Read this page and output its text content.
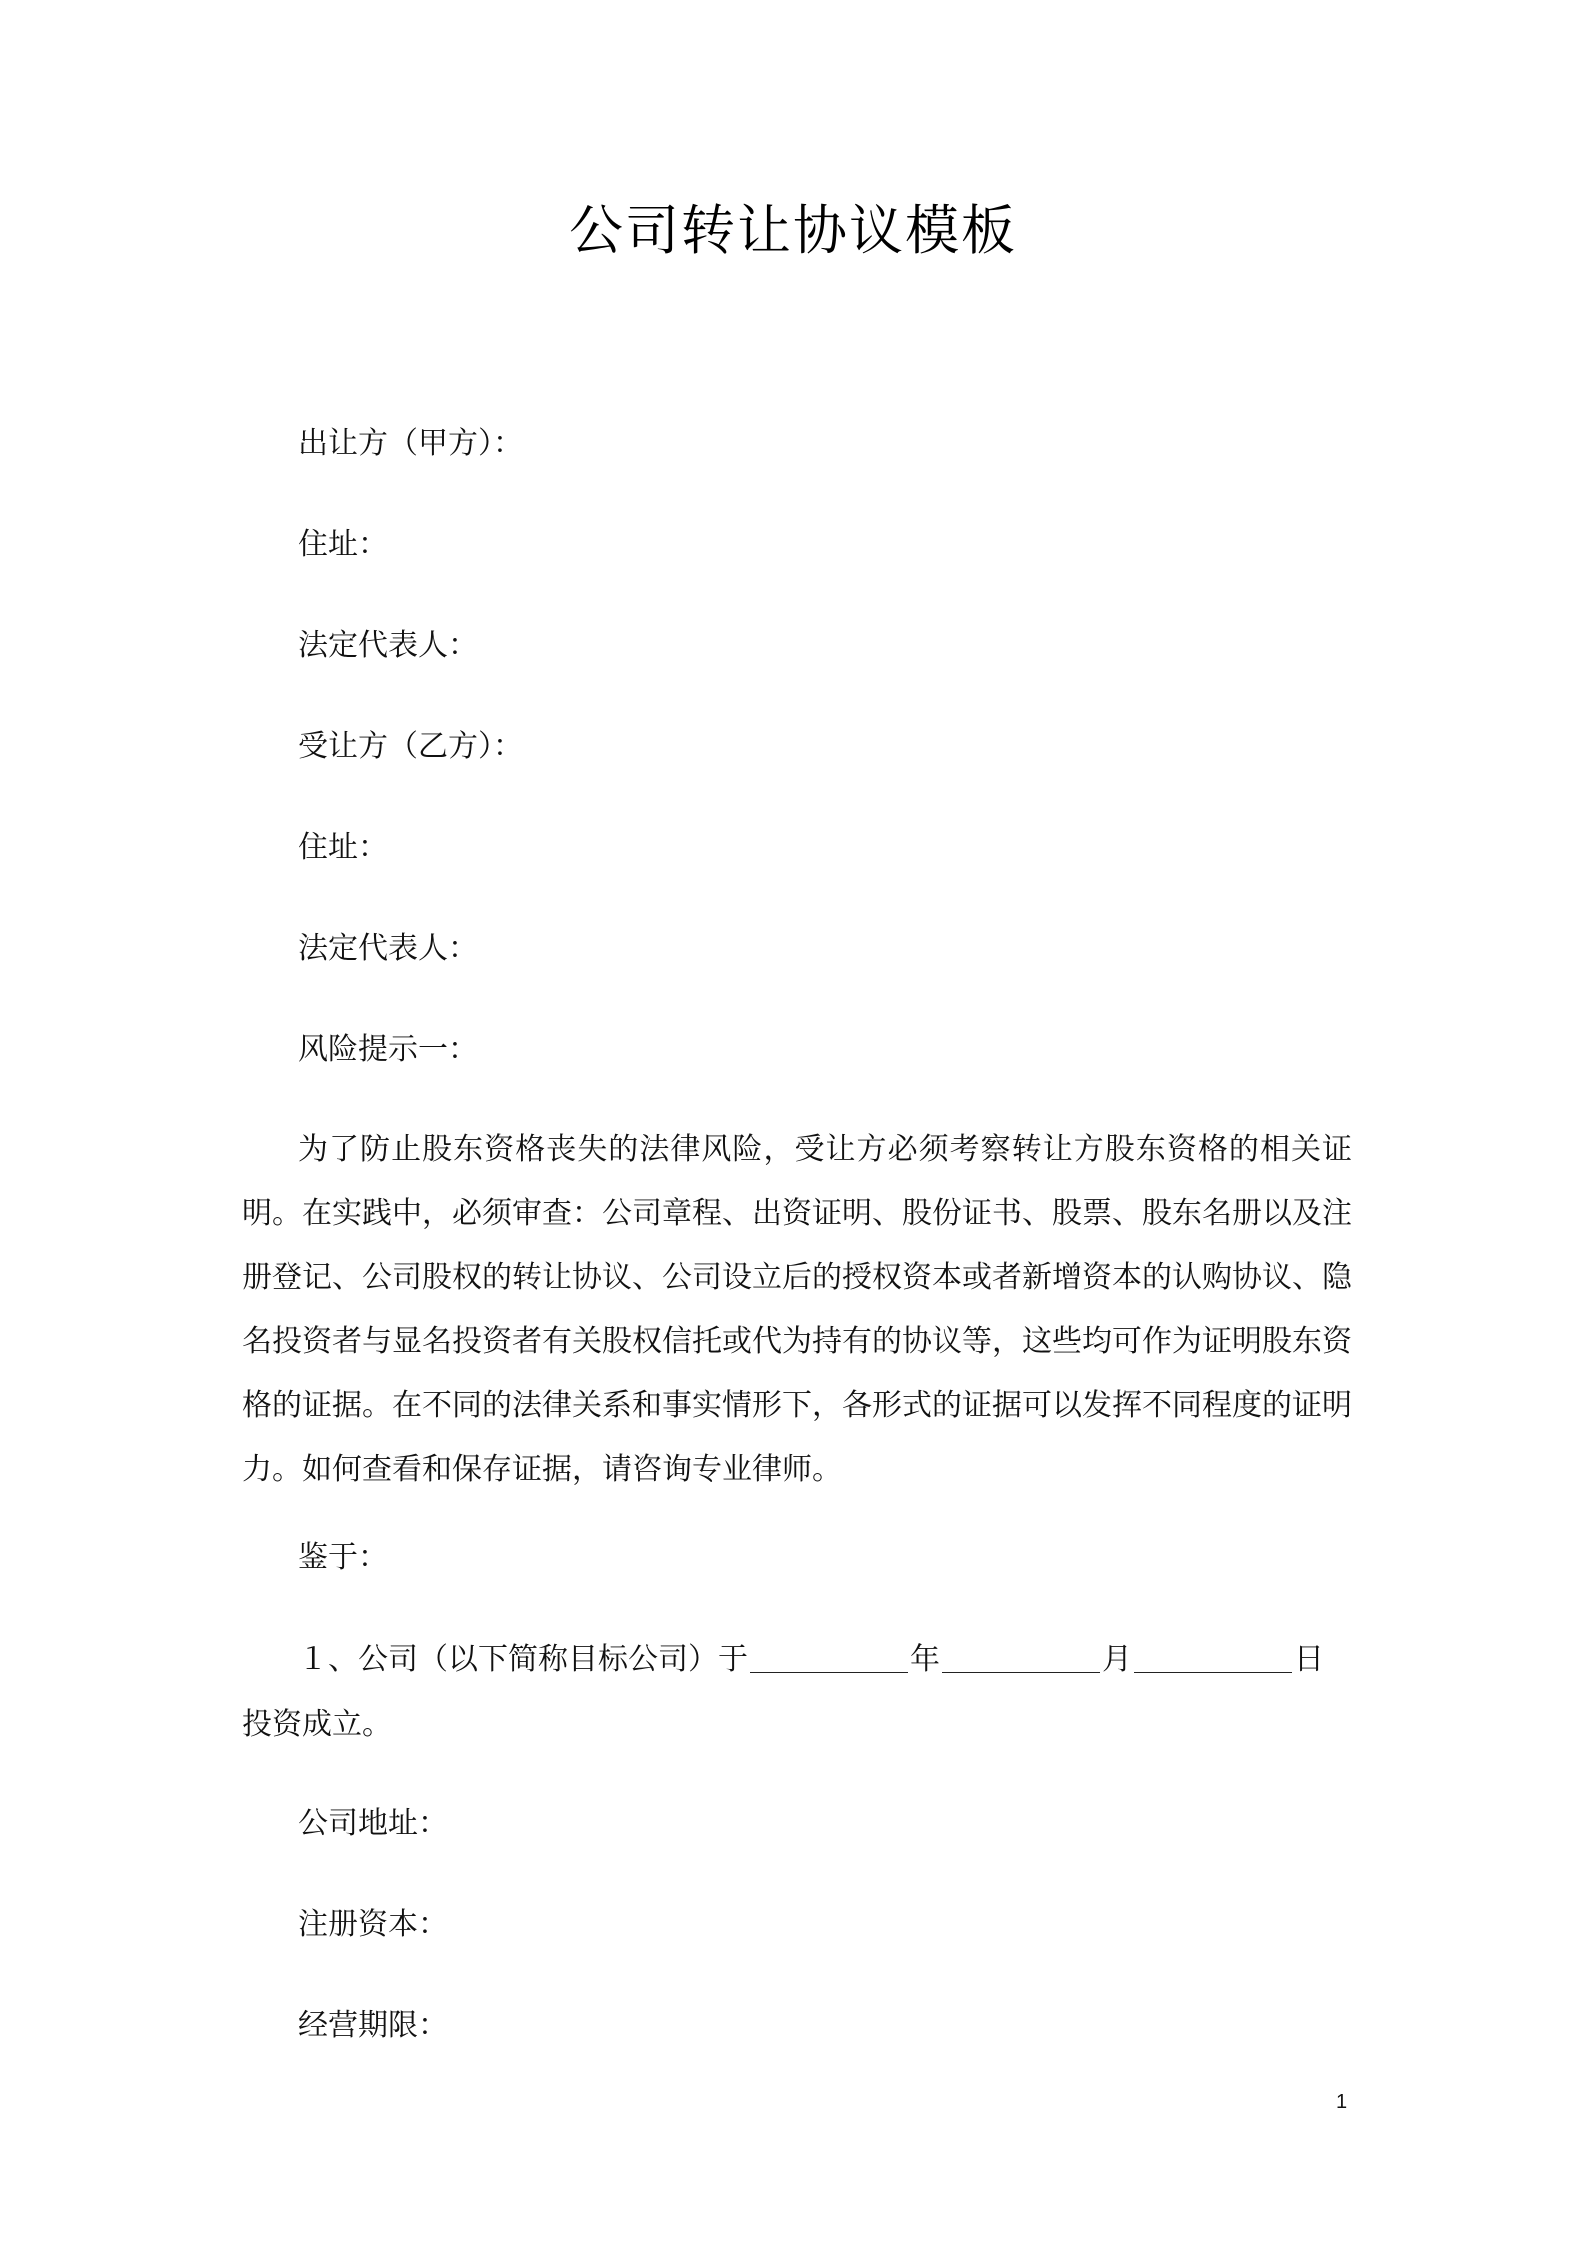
公司转让协议模板
出让方（甲方）：
住址：
法定代表人：
受让方（乙方）：
住址：
法定代表人：
风险提示一：
为了防止股东资格丧失的法律风险，受让方必须考察转让方股东资格的相关证明。在实践中，必须审查：公司章程、出资证明、股份证书、股票、股东名册以及注册登记、公司股权的转让协议、公司设立后的授权资本或者新增资本的认购协议、隐名投资者与显名投资者有关股权信托或代为持有的协议等，这些均可作为证明股东资格的证据。在不同的法律关系和事实情形下，各形式的证据可以发挥不同程度的证明力。如何查看和保存证据，请咨询专业律师。
鉴于：
１、公司（以下简称目标公司）于	年	月	日
投资成立。
公司地址：
注册资本：
经营期限：
1
